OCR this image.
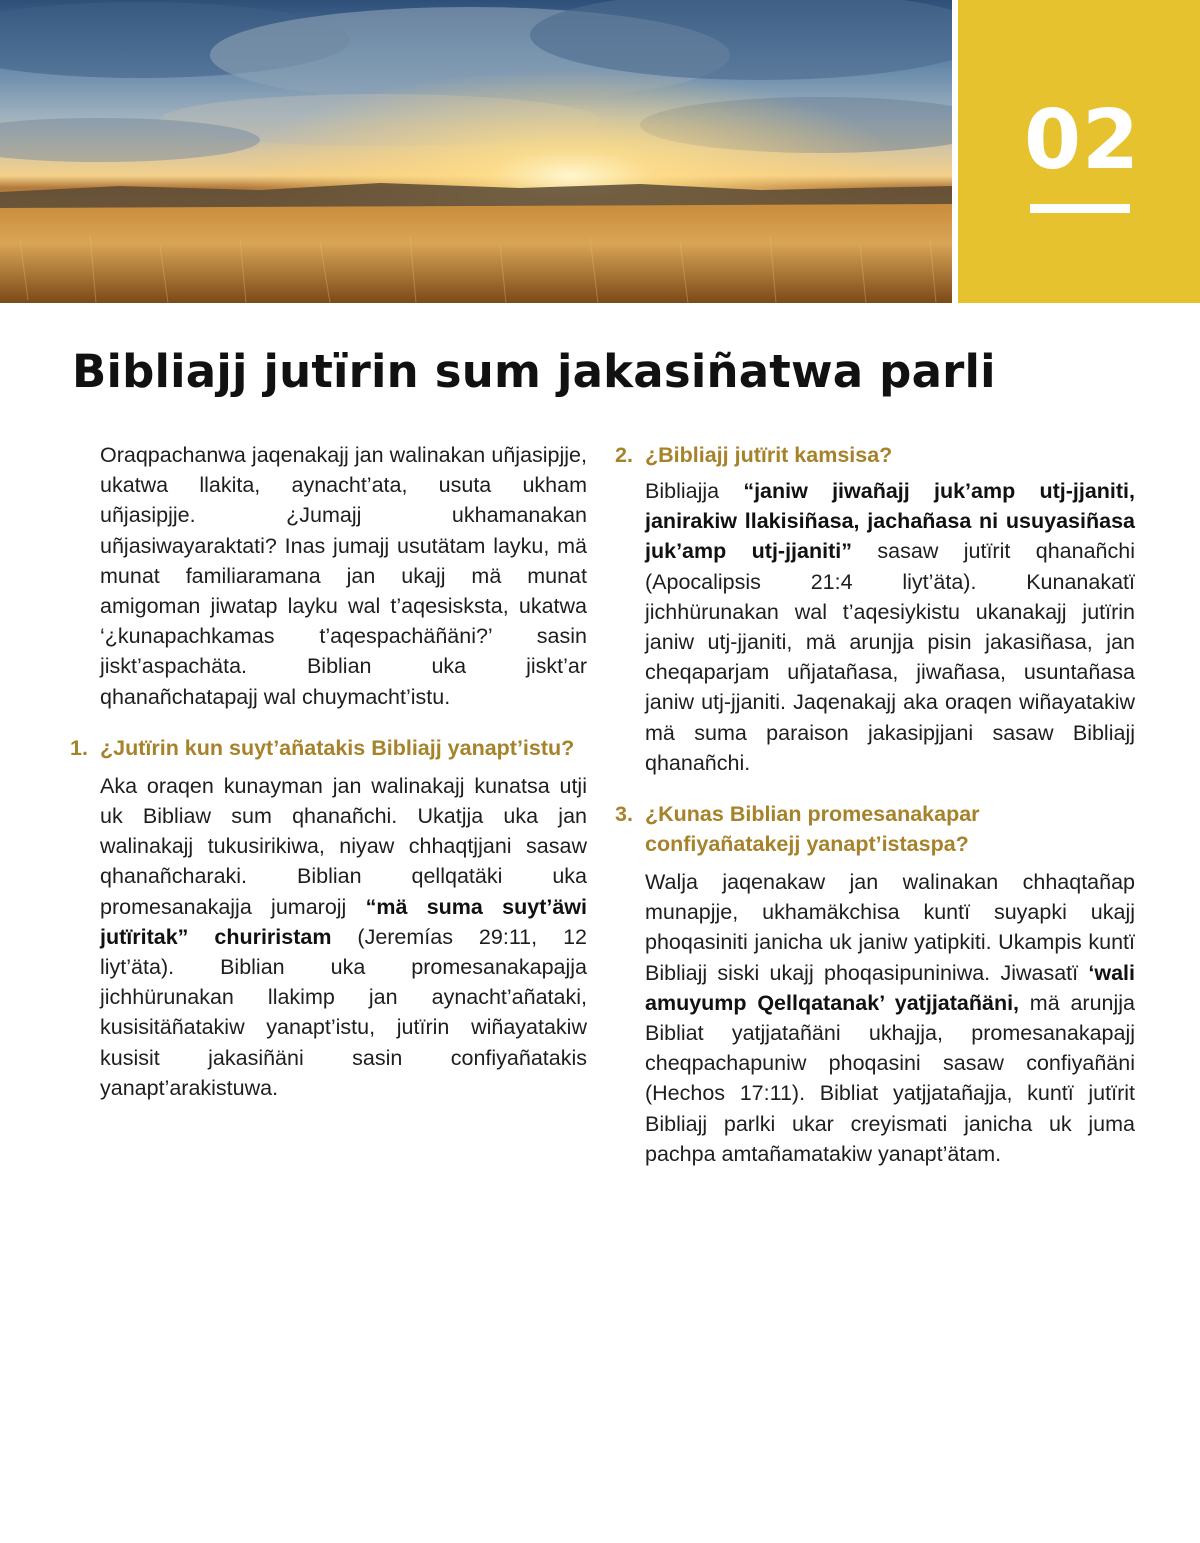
02
Bibliajj jutïrin sum jakasiñatwa parli

Oraqpachanwa jaqenakajj jan walinakan uñjasipjje, ukatwa llakita, aynacht’ata, usuta ukham uñjasipjje. ¿Jumajj ukhamanakan uñjasiwayaraktati? Inas jumajj usutätam layku, mä munat familiaramana jan ukajj mä munat amigoman jiwatap layku wal t’aqesisksta, ukatwa ‘¿kunapachkamas t’aqespachäñäni?’ sasin jiskt’aspachäta. Biblian uka jiskt’ar qhanañchatapajj wal chuymacht’istu.

1. ¿Jutïrin kun suyt’añatakis Bibliajj yanapt’istu?

Aka oraqen kunayman jan walinakajj kunatsa utji uk Bibliaw sum qhanañchi. Ukatjja uka jan walinakajj tukusirikiwa, niyaw chhaqtjjani sasaw qhanañcharaki. Biblian qellqatäki uka promesanakajja jumarojj “mä suma suyt’äwi jutïritak” churiristam (Jeremías 29:11, 12 liyt’äta). Biblian uka promesanakapajja jichhürunakan llakimp jan aynacht’añataki, kusisitäñatakiw yanapt’istu, jutïrin wiñayatakiw kusisit jakasiñäni sasin confiyañatakis yanapt’arakistuwa.

2. ¿Bibliajj jutïrit kamsisa?

Bibliajja “janiw jiwañajj juk’amp utj-jjaniti, janirakiw llakisiñasa, jachañasa ni usuyasiñasa juk’amp utj-jjaniti” sasaw jutïrit qhanañchi (Apocalipsis 21:4 liyt’äta). Kunanakatï jichhürunakan wal t’aqesiykistu ukanakajj jutïrin janiw utj-jjaniti, mä arunjja pisin jakasiñasa, jan cheqaparjam uñjatañasa, jiwañasa, usuntañasa janiw utj-jjaniti. Jaqenakajj aka oraqen wiñayatakiw mä suma paraison jakasipjjani sasaw Bibliajj qhanañchi.

3. ¿Kunas Biblian promesanakapar confiyañatakejj yanapt’istaspa?

Walja jaqenakaw jan walinakan chhaqtañap munapjje, ukhamäkchisa kuntï suyapki ukajj phoqasiniti janicha uk janiw yatipkiti. Ukampis kuntï Bibliajj siski ukajj phoqasipuniniwa. Jiwasatï ‘wali amuyump Qellqatanak’ yatjjatañäni, mä arunjja Bibliat yatjjatañäni ukhajja, promesanakapajj cheqpachapuniw phoqasini sasaw confiyañäni (Hechos 17:11). Bibliat yatjjatañajja, kuntï jutïrit Bibliajj parlki ukar creyismati janicha uk juma pachpa amtañamatakiw yanapt’ätam.
